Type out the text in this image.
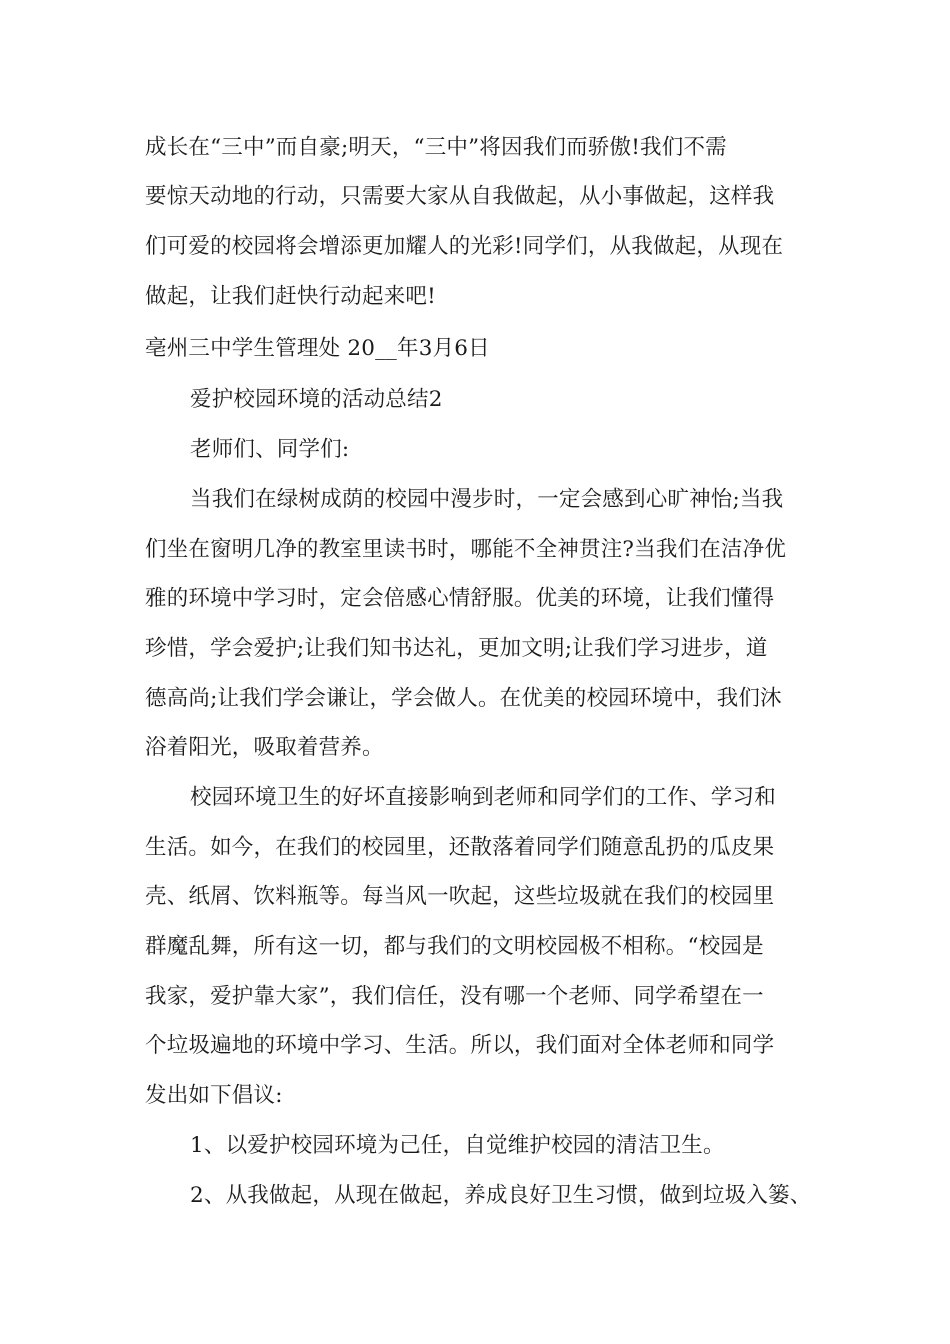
成长在“三中”而自豪;明天，“三中”将因我们而骄傲!我们不需
要惊天动地的行动，只需要大家从自我做起，从小事做起，这样我
们可爱的校园将会增添更加耀人的光彩!同学们，从我做起，从现在
做起，让我们赶快行动起来吧!
亳州三中学生管理处 20__年3月6日
爱护校园环境的活动总结2
老师们、同学们:
当我们在绿树成荫的校园中漫步时，一定会感到心旷神怡;当我
们坐在窗明几净的教室里读书时，哪能不全神贯注?当我们在洁净优
雅的环境中学习时，定会倍感心情舒服。优美的环境，让我们懂得
珍惜，学会爱护;让我们知书达礼，更加文明;让我们学习进步，道
德高尚;让我们学会谦让，学会做人。在优美的校园环境中，我们沐
浴着阳光，吸取着营养。
校园环境卫生的好坏直接影响到老师和同学们的工作、学习和
生活。如今，在我们的校园里，还散落着同学们随意乱扔的瓜皮果
壳、纸屑、饮料瓶等。每当风一吹起，这些垃圾就在我们的校园里
群魔乱舞，所有这一切，都与我们的文明校园极不相称。“校园是
我家，爱护靠大家”，我们信任，没有哪一个老师、同学希望在一
个垃圾遍地的环境中学习、生活。所以，我们面对全体老师和同学
发出如下倡议:
1、以爱护校园环境为己任，自觉维护校园的清洁卫生。
2、从我做起，从现在做起，养成良好卫生习惯，做到垃圾入篓、
